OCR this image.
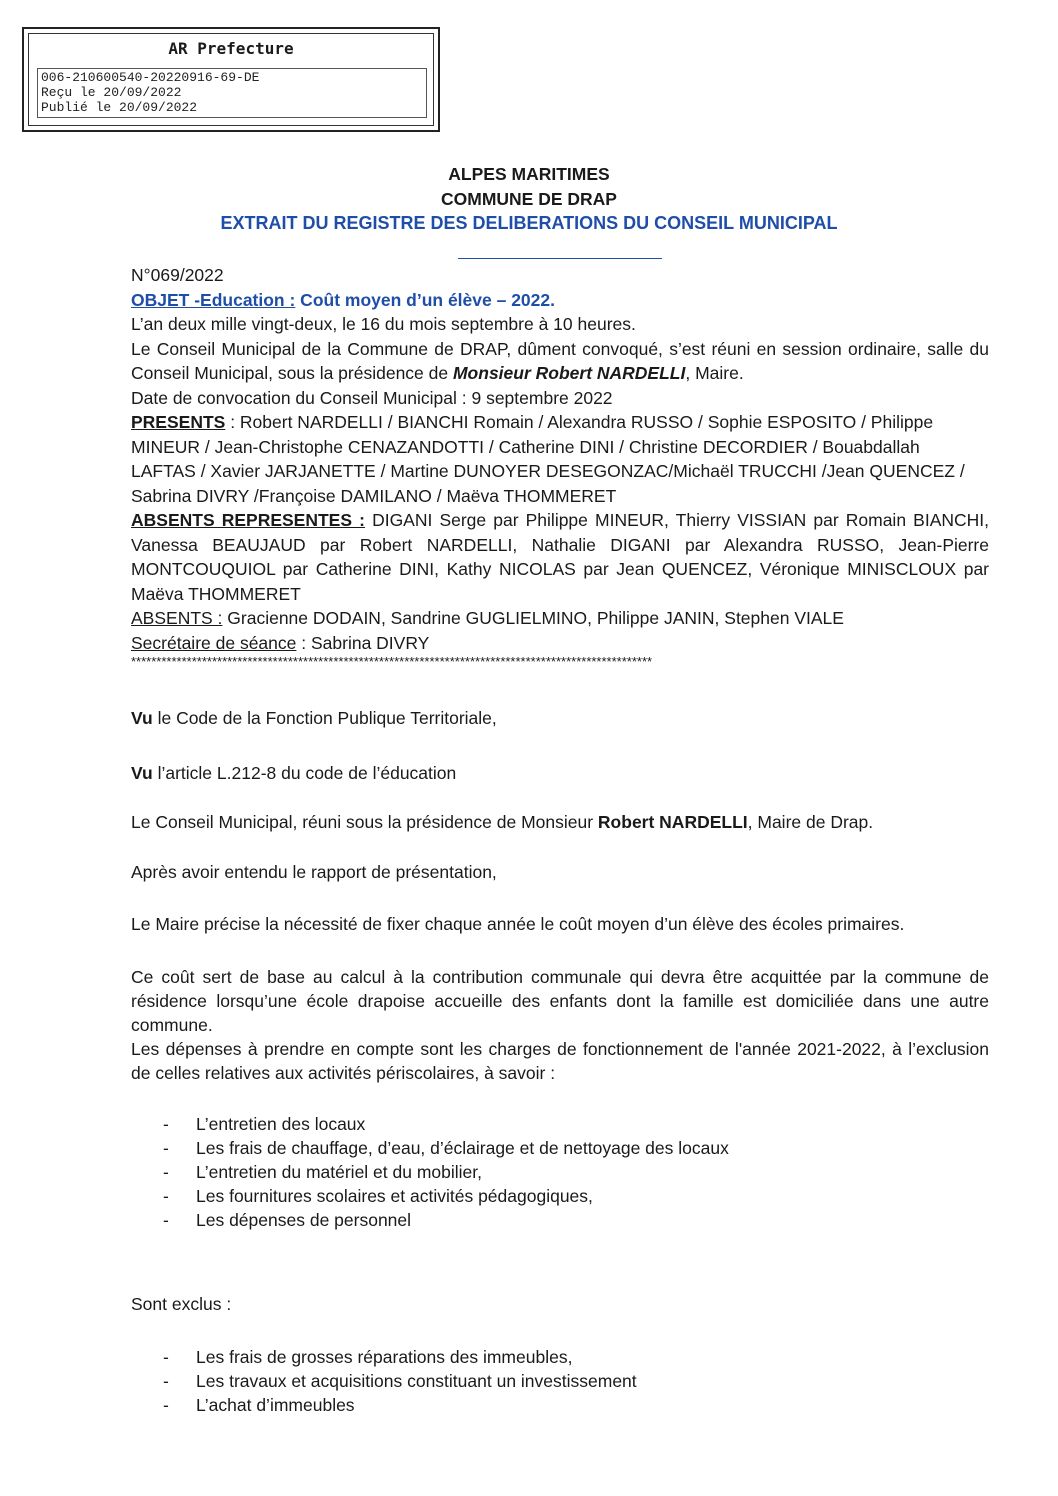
AR Prefecture
006-210600540-20220916-69-DE
Reçu le 20/09/2022
Publié le 20/09/2022
ALPES MARITIMES
COMMUNE DE DRAP
EXTRAIT DU REGISTRE DES DELIBERATIONS DU CONSEIL MUNICIPAL

N°069/2022

OBJET -Education : Coût moyen d’un élève – 2022.

L’an deux mille vingt-deux, le 16 du mois septembre à 10 heures.

Le Conseil Municipal de la Commune de DRAP, dûment convoqué, s’est réuni en session ordinaire, salle du Conseil Municipal, sous la présidence de Monsieur Robert NARDELLI, Maire.

Date de convocation du Conseil Municipal : 9 septembre 2022

PRESENTS : Robert NARDELLI / BIANCHI Romain / Alexandra RUSSO / Sophie ESPOSITO / Philippe MINEUR / Jean-Christophe CENAZANDOTTI / Catherine DINI / Christine DECORDIER / Bouabdallah LAFTAS / Xavier JARJANETTE / Martine DUNOYER DESEGONZAC/Michaël TRUCCHI /Jean QUENCEZ / Sabrina DIVRY /Françoise DAMILANO / Maëva THOMMERET

ABSENTS REPRESENTES : DIGANI Serge par Philippe MINEUR, Thierry VISSIAN par Romain BIANCHI, Vanessa BEAUJAUD par Robert NARDELLI, Nathalie DIGANI par Alexandra RUSSO, Jean-Pierre MONTCOUQUIOL par Catherine DINI, Kathy NICOLAS par Jean QUENCEZ, Véronique MINISCLOUX par Maëva THOMMERET

ABSENTS : Gracienne DODAIN, Sandrine GUGLIELMINO, Philippe JANIN, Stephen VIALE

Secrétaire de séance : Sabrina DIVRY

*******************************************************************************************************

Vu le Code de la Fonction Publique Territoriale,

Vu l’article L.212-8 du code de l’éducation

Le Conseil Municipal, réuni sous la présidence de Monsieur Robert NARDELLI, Maire de Drap.

Après avoir entendu le rapport de présentation,

Le Maire précise la nécessité de fixer chaque année le coût moyen d’un élève des écoles primaires.

Ce coût sert de base au calcul à la contribution communale qui devra être acquittée par la commune de résidence lorsqu’une école drapoise accueille des enfants dont la famille est domiciliée dans une autre commune.

Les dépenses à prendre en compte sont les charges de fonctionnement de l'année 2021-2022, à l’exclusion de celles relatives aux activités périscolaires, à savoir :

- L’entretien des locaux
- Les frais de chauffage, d’eau, d’éclairage et de nettoyage des locaux
- L’entretien du matériel et du mobilier,
- Les fournitures scolaires et activités pédagogiques,
- Les dépenses de personnel

Sont exclus :

- Les frais de grosses réparations des immeubles,
- Les travaux et acquisitions constituant un investissement
- L’achat d’immeubles
